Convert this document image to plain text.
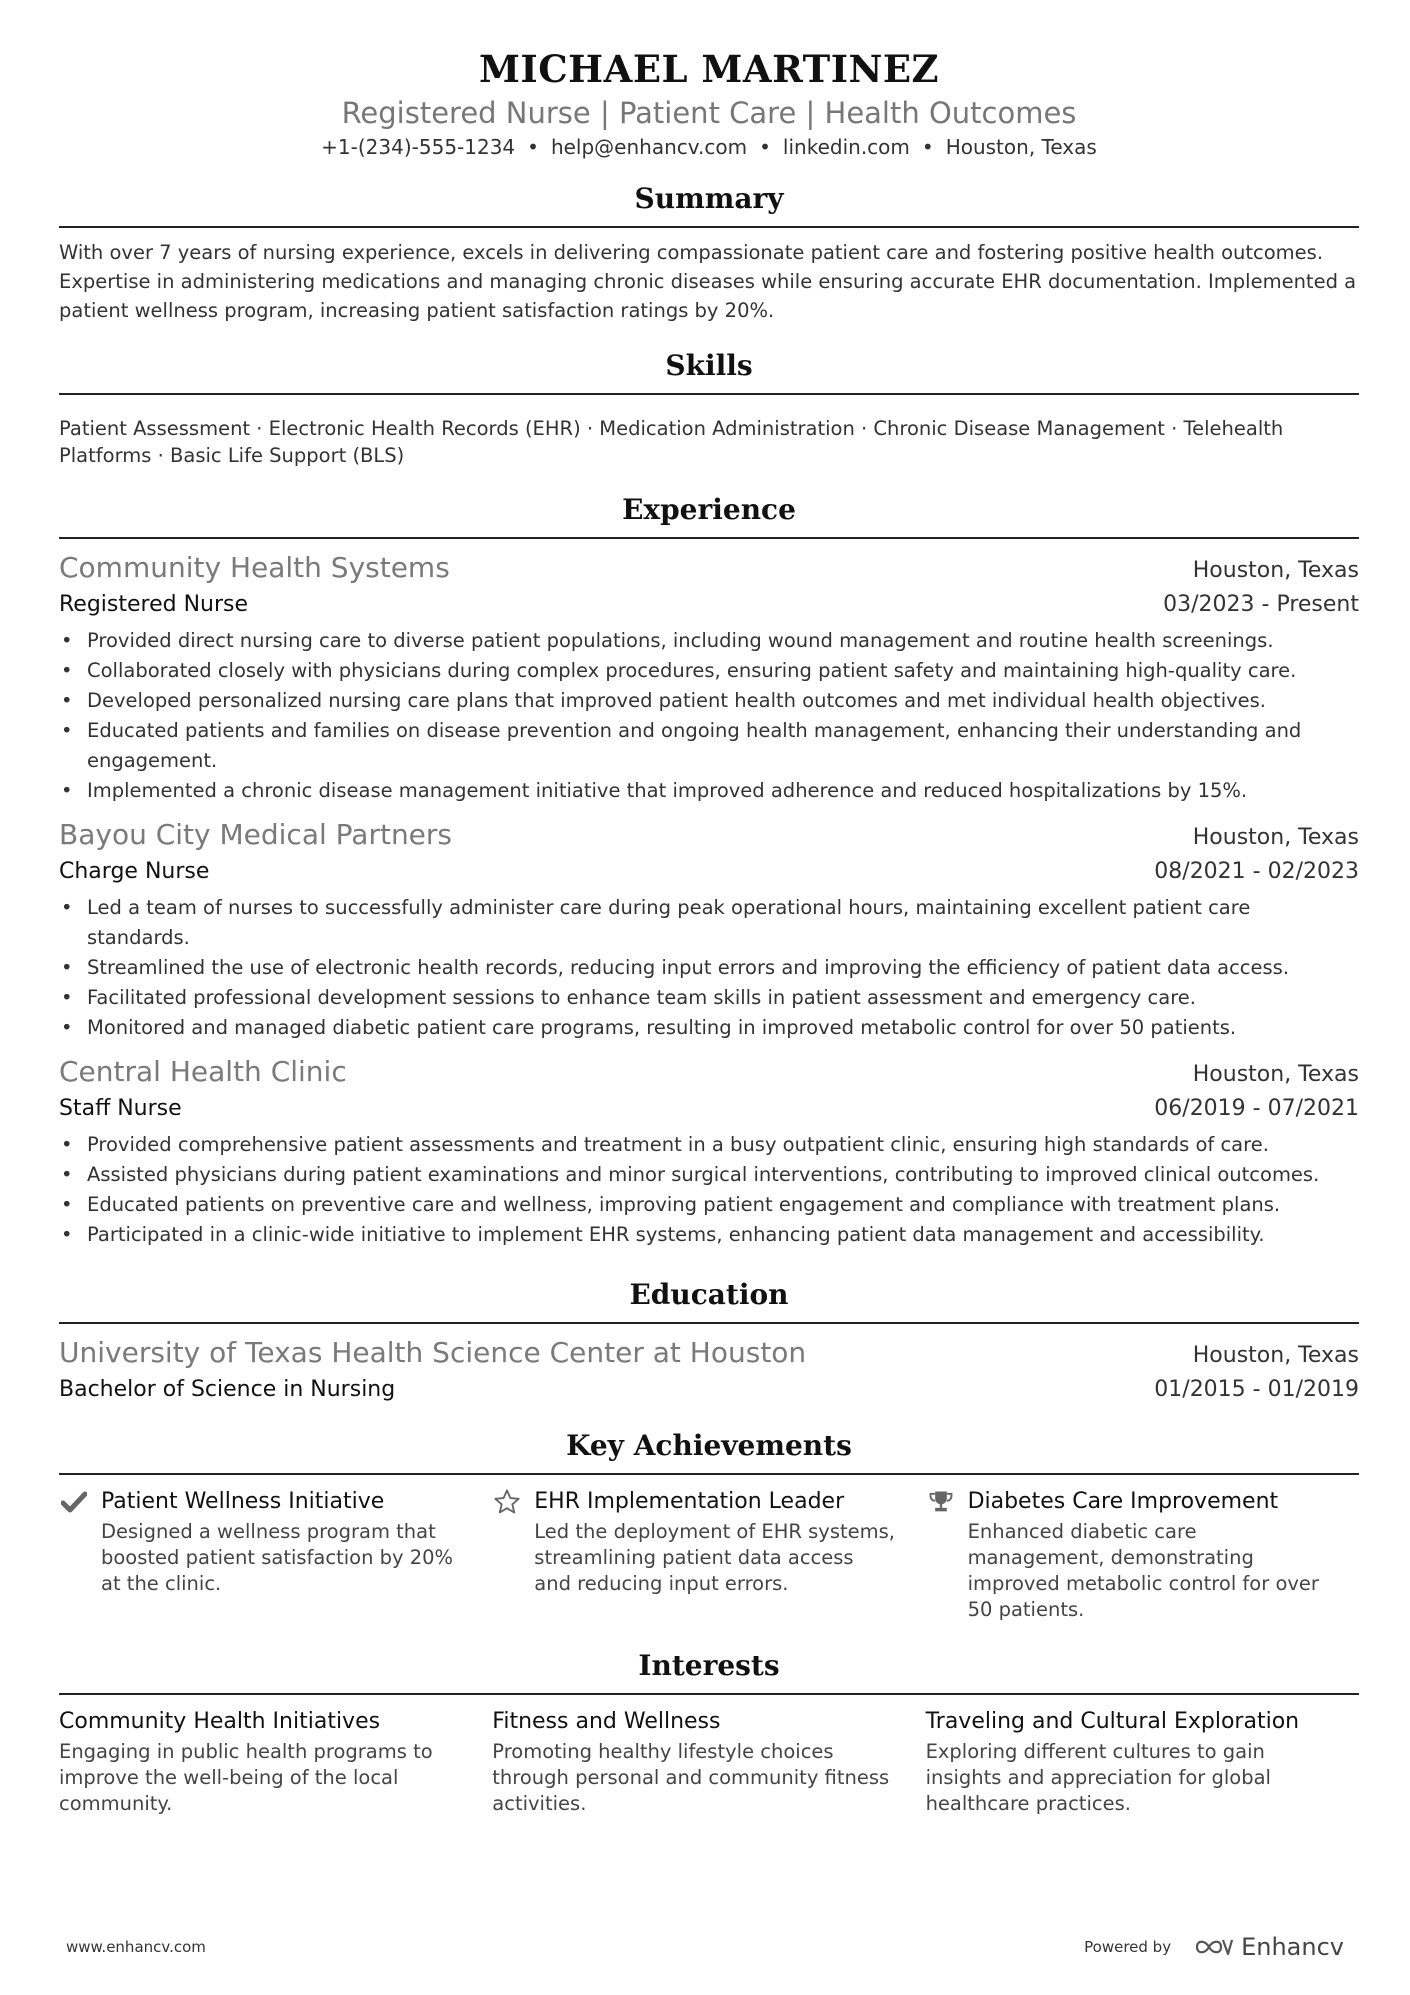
MICHAEL MARTINEZ

Registered Nurse | Patient Care | Health Outcomes

+1-(234)-555-1234 • help@enhancv.com • linkedin.com • Houston, Texas

Summary

With over 7 years of nursing experience, excels in delivering compassionate patient care and fostering positive health outcomes. Expertise in administering medications and managing chronic diseases while ensuring accurate EHR documentation. Implemented a patient wellness program, increasing patient satisfaction ratings by 20%.

Skills

Patient Assessment · Electronic Health Records (EHR) · Medication Administration · Chronic Disease Management · Telehealth Platforms · Basic Life Support (BLS)

Experience
Community Health Systems	Houston, Texas
Registered Nurse	03/2023 - Present
• Provided direct nursing care to diverse patient populations, including wound management and routine health screenings.
• Collaborated closely with physicians during complex procedures, ensuring patient safety and maintaining high-quality care.
• Developed personalized nursing care plans that improved patient health outcomes and met individual health objectives.
• Educated patients and families on disease prevention and ongoing health management, enhancing their understanding and engagement.
• Implemented a chronic disease management initiative that improved adherence and reduced hospitalizations by 15%.
Bayou City Medical Partners	Houston, Texas
Charge Nurse	08/2021 - 02/2023
• Led a team of nurses to successfully administer care during peak operational hours, maintaining excellent patient care standards.
• Streamlined the use of electronic health records, reducing input errors and improving the efficiency of patient data access.
• Facilitated professional development sessions to enhance team skills in patient assessment and emergency care.
• Monitored and managed diabetic patient care programs, resulting in improved metabolic control for over 50 patients.
Central Health Clinic	Houston, Texas
Staff Nurse	06/2019 - 07/2021
• Provided comprehensive patient assessments and treatment in a busy outpatient clinic, ensuring high standards of care.
• Assisted physicians during patient examinations and minor surgical interventions, contributing to improved clinical outcomes.
• Educated patients on preventive care and wellness, improving patient engagement and compliance with treatment plans.
• Participated in a clinic-wide initiative to implement EHR systems, enhancing patient data management and accessibility.
Education
University of Texas Health Science Center at Houston	Houston, Texas
Bachelor of Science in Nursing	01/2015 - 01/2019
Key Achievements
Patient Wellness Initiative
Designed a wellness program that boosted patient satisfaction by 20% at the clinic.
EHR Implementation Leader
Led the deployment of EHR systems, streamlining patient data access and reducing input errors.
Diabetes Care Improvement
Enhanced diabetic care management, demonstrating improved metabolic control for over 50 patients.
Interests
Community Health Initiatives
Engaging in public health programs to improve the well-being of the local community.
Fitness and Wellness
Promoting healthy lifestyle choices through personal and community fitness activities.
Traveling and Cultural Exploration
Exploring different cultures to gain insights and appreciation for global healthcare practices.
www.enhancv.com	Powered by	Enhancv
